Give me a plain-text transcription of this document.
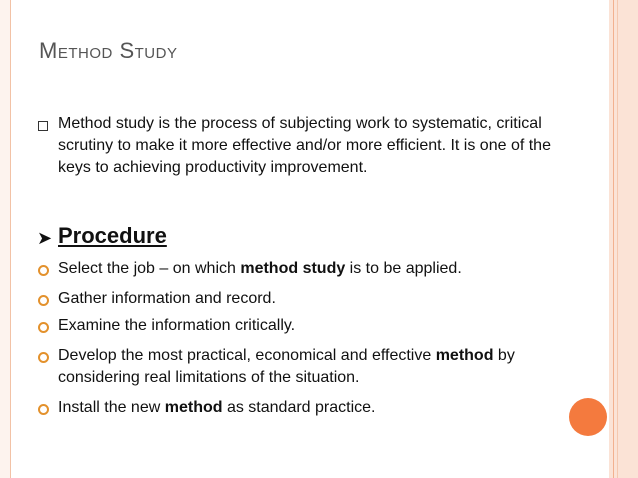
Method Study
Method study is the process of subjecting work to systematic, critical scrutiny to make it more effective and/or more efficient. It is one of the keys to achieving productivity improvement.
➤ Procedure
Select the job – on which method study is to be applied.
Gather information and record.
Examine the information critically.
Develop the most practical, economical and effective method by considering real limitations of the situation.
Install the new method as standard practice.
